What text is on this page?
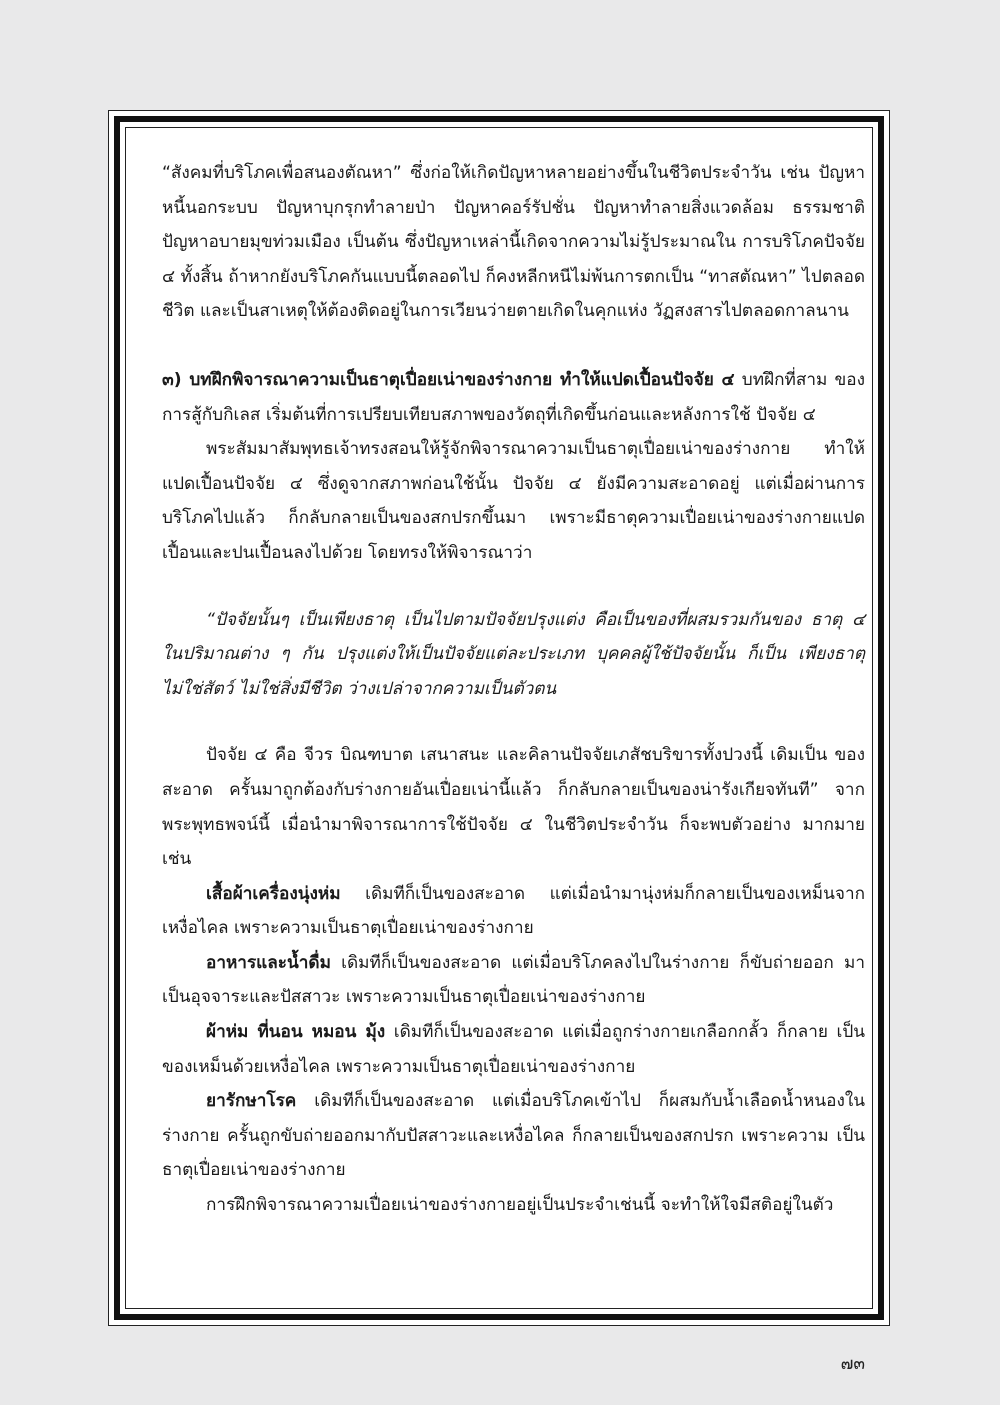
“สังคมที่บริโภคเพื่อสนองตัณหา” ซึ่งก่อให้เกิดปัญหาหลายอย่างขึ้นในชีวิตประจำวัน เช่น ปัญหาหนี้นอกระบบ ปัญหาบุกรุกทำลายป่า ปัญหาคอร์รัปชั่น ปัญหาทำลายสิ่งแวดล้อม ธรรมชาติ ปัญหาอบายมุขท่วมเมือง เป็นต้น ซึ่งปัญหาเหล่านี้เกิดจากความไม่รู้ประมาณใน การบริโภคปัจจัย ๔ ทั้งสิ้น ถ้าหากยังบริโภคกันแบบนี้ตลอดไป ก็คงหลีกหนีไม่พ้นการตกเป็น “ทาสตัณหา” ไปตลอดชีวิต และเป็นสาเหตุให้ต้องติดอยู่ในการเวียนว่ายตายเกิดในคุกแห่ง วัฏสงสารไปตลอดกาลนาน

๓) บทฝึกพิจารณาความเป็นธาตุเปื่อยเน่าของร่างกาย ทำให้แปดเปื้อนปัจจัย ๔ บทฝึกที่สาม ของการสู้กับกิเลส เริ่มต้นที่การเปรียบเทียบสภาพของวัตถุที่เกิดขึ้นก่อนและหลังการใช้ ปัจจัย ๔

พระสัมมาสัมพุทธเจ้าทรงสอนให้รู้จักพิจารณาความเป็นธาตุเปื่อยเน่าของร่างกาย ทำให้ แปดเปื้อนปัจจัย ๔ ซึ่งดูจากสภาพก่อนใช้นั้น ปัจจัย ๔ ยังมีความสะอาดอยู่ แต่เมื่อผ่านการ บริโภคไปแล้ว ก็กลับกลายเป็นของสกปรกขึ้นมา เพราะมีธาตุความเปื่อยเน่าของร่างกายแปด เปื้อนและปนเปื้อนลงไปด้วย โดยทรงให้พิจารณาว่า

“ปัจจัยนั้นๆ เป็นเพียงธาตุ เป็นไปตามปัจจัยปรุงแต่ง คือเป็นของที่ผสมรวมกันของ ธาตุ ๔ ในปริมาณต่าง ๆ กัน ปรุงแต่งให้เป็นปัจจัยแต่ละประเภท บุคคลผู้ใช้ปัจจัยนั้น ก็เป็น เพียงธาตุ ไม่ใช่สัตว์ ไม่ใช่สิ่งมีชีวิต ว่างเปล่าจากความเป็นตัวตน

ปัจจัย ๔ คือ จีวร บิณฑบาต เสนาสนะ และคิลานปัจจัยเภสัชบริขารทั้งปวงนี้ เดิมเป็น ของสะอาด ครั้นมาถูกต้องกับร่างกายอันเปื่อยเน่านี้แล้ว ก็กลับกลายเป็นของน่ารังเกียจทันที” จากพระพุทธพจน์นี้ เมื่อนำมาพิจารณาการใช้ปัจจัย ๔ ในชีวิตประจำวัน ก็จะพบตัวอย่าง มากมาย เช่น

เสื้อผ้าเครื่องนุ่งห่ม เดิมทีก็เป็นของสะอาด แต่เมื่อนำมานุ่งห่มก็กลายเป็นของเหม็นจาก เหงื่อไคล เพราะความเป็นธาตุเปื่อยเน่าของร่างกาย

อาหารและน้ำดื่ม เดิมทีก็เป็นของสะอาด แต่เมื่อบริโภคลงไปในร่างกาย ก็ขับถ่ายออก มาเป็นอุจจาระและปัสสาวะ เพราะความเป็นธาตุเปื่อยเน่าของร่างกาย

ผ้าห่ม ที่นอน หมอน มุ้ง เดิมทีก็เป็นของสะอาด แต่เมื่อถูกร่างกายเกลือกกลั้ว ก็กลาย เป็นของเหม็นด้วยเหงื่อไคล เพราะความเป็นธาตุเปื่อยเน่าของร่างกาย

ยารักษาโรค เดิมทีก็เป็นของสะอาด แต่เมื่อบริโภคเข้าไป ก็ผสมกับน้ำเลือดน้ำหนองใน ร่างกาย ครั้นถูกขับถ่ายออกมากับปัสสาวะและเหงื่อไคล ก็กลายเป็นของสกปรก เพราะความ เป็นธาตุเปื่อยเน่าของร่างกาย

การฝึกพิจารณาความเปื่อยเน่าของร่างกายอยู่เป็นประจำเช่นนี้ จะทำให้ใจมีสติอยู่ในตัว

๗๓
